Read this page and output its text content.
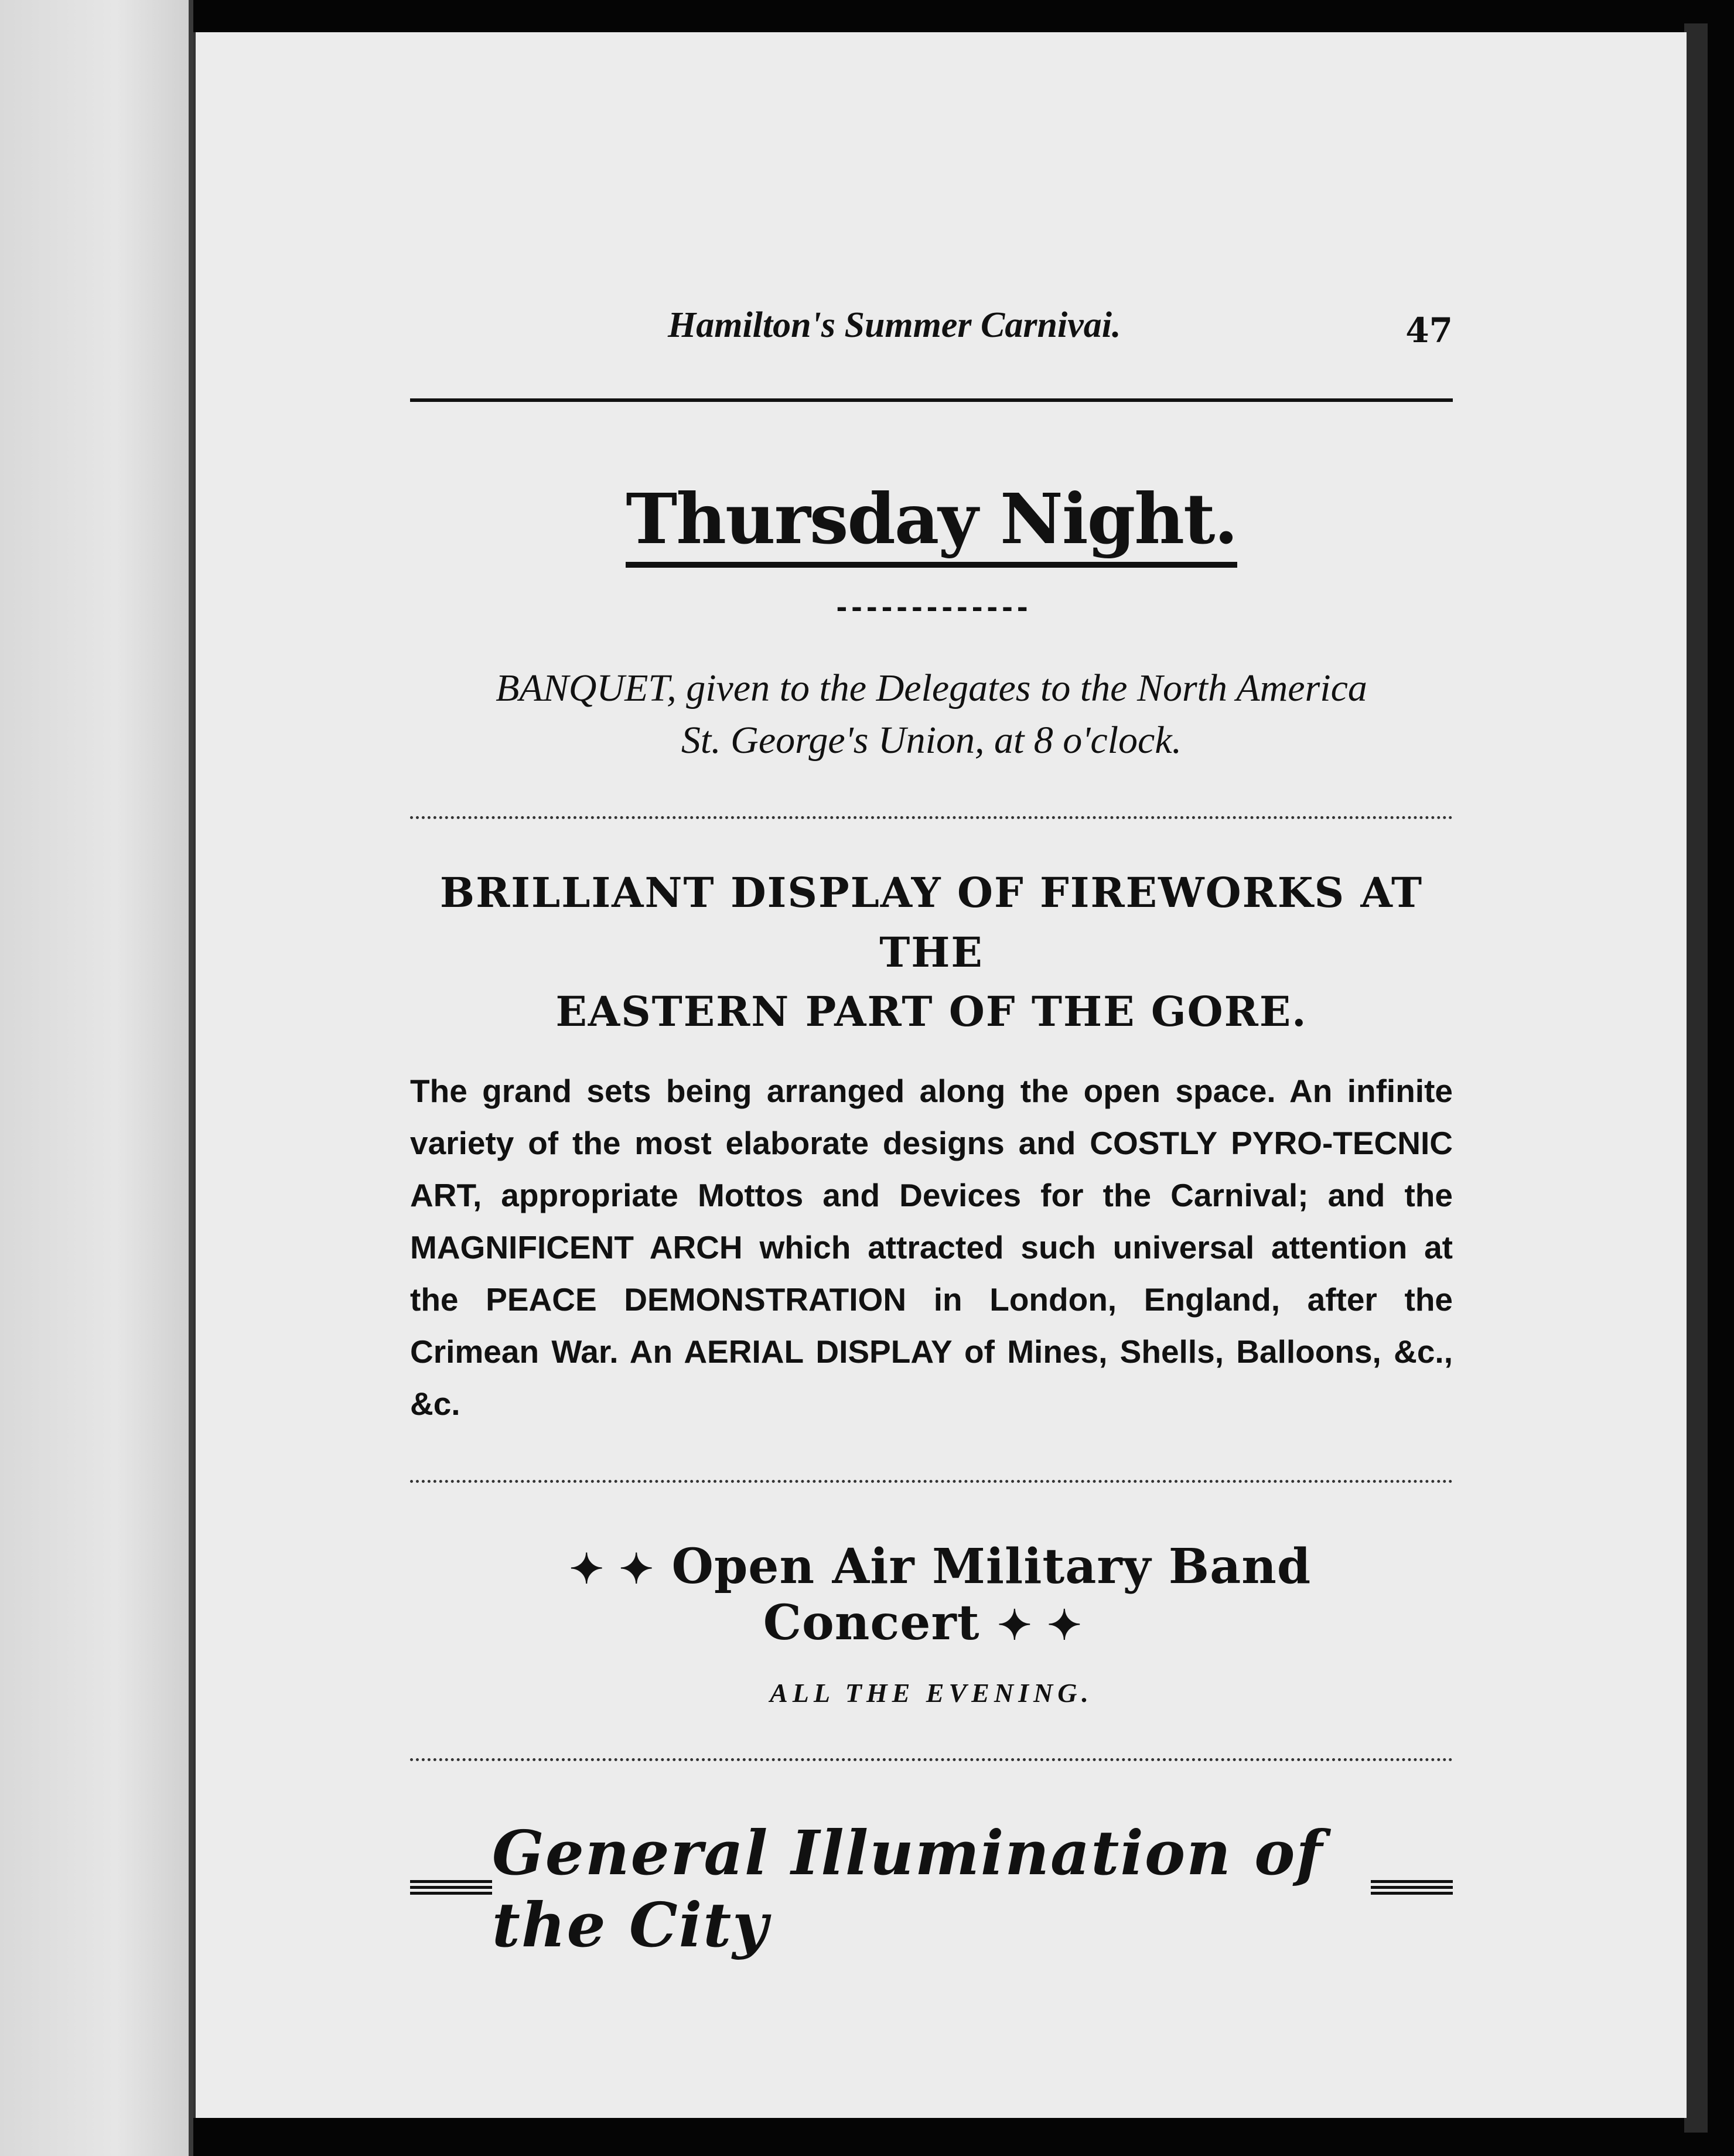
Hamilton's Summer Carnivai.	47
Thursday Night.
-------------
BANQUET, given to the Delegates to the North America
St. George's Union, at 8 o'clock.
BRILLIANT DISPLAY OF FIREWORKS AT THE
EASTERN PART OF THE GORE.
The grand sets being arranged along the open space. An infinite variety of the most elaborate designs and COSTLY PYRO-TECNIC ART, appropriate Mottos and Devices for the Carnival; and the MAGNIFICENT ARCH which attracted such universal attention at the PEACE DEMONSTRATION in London, England, after the Crimean War. An AERIAL DISPLAY of Mines, Shells, Balloons, &c., &c.
✦ ✦ Open Air Military Band Concert ✦ ✦
ALL THE EVENING.
General Illumination of the City
